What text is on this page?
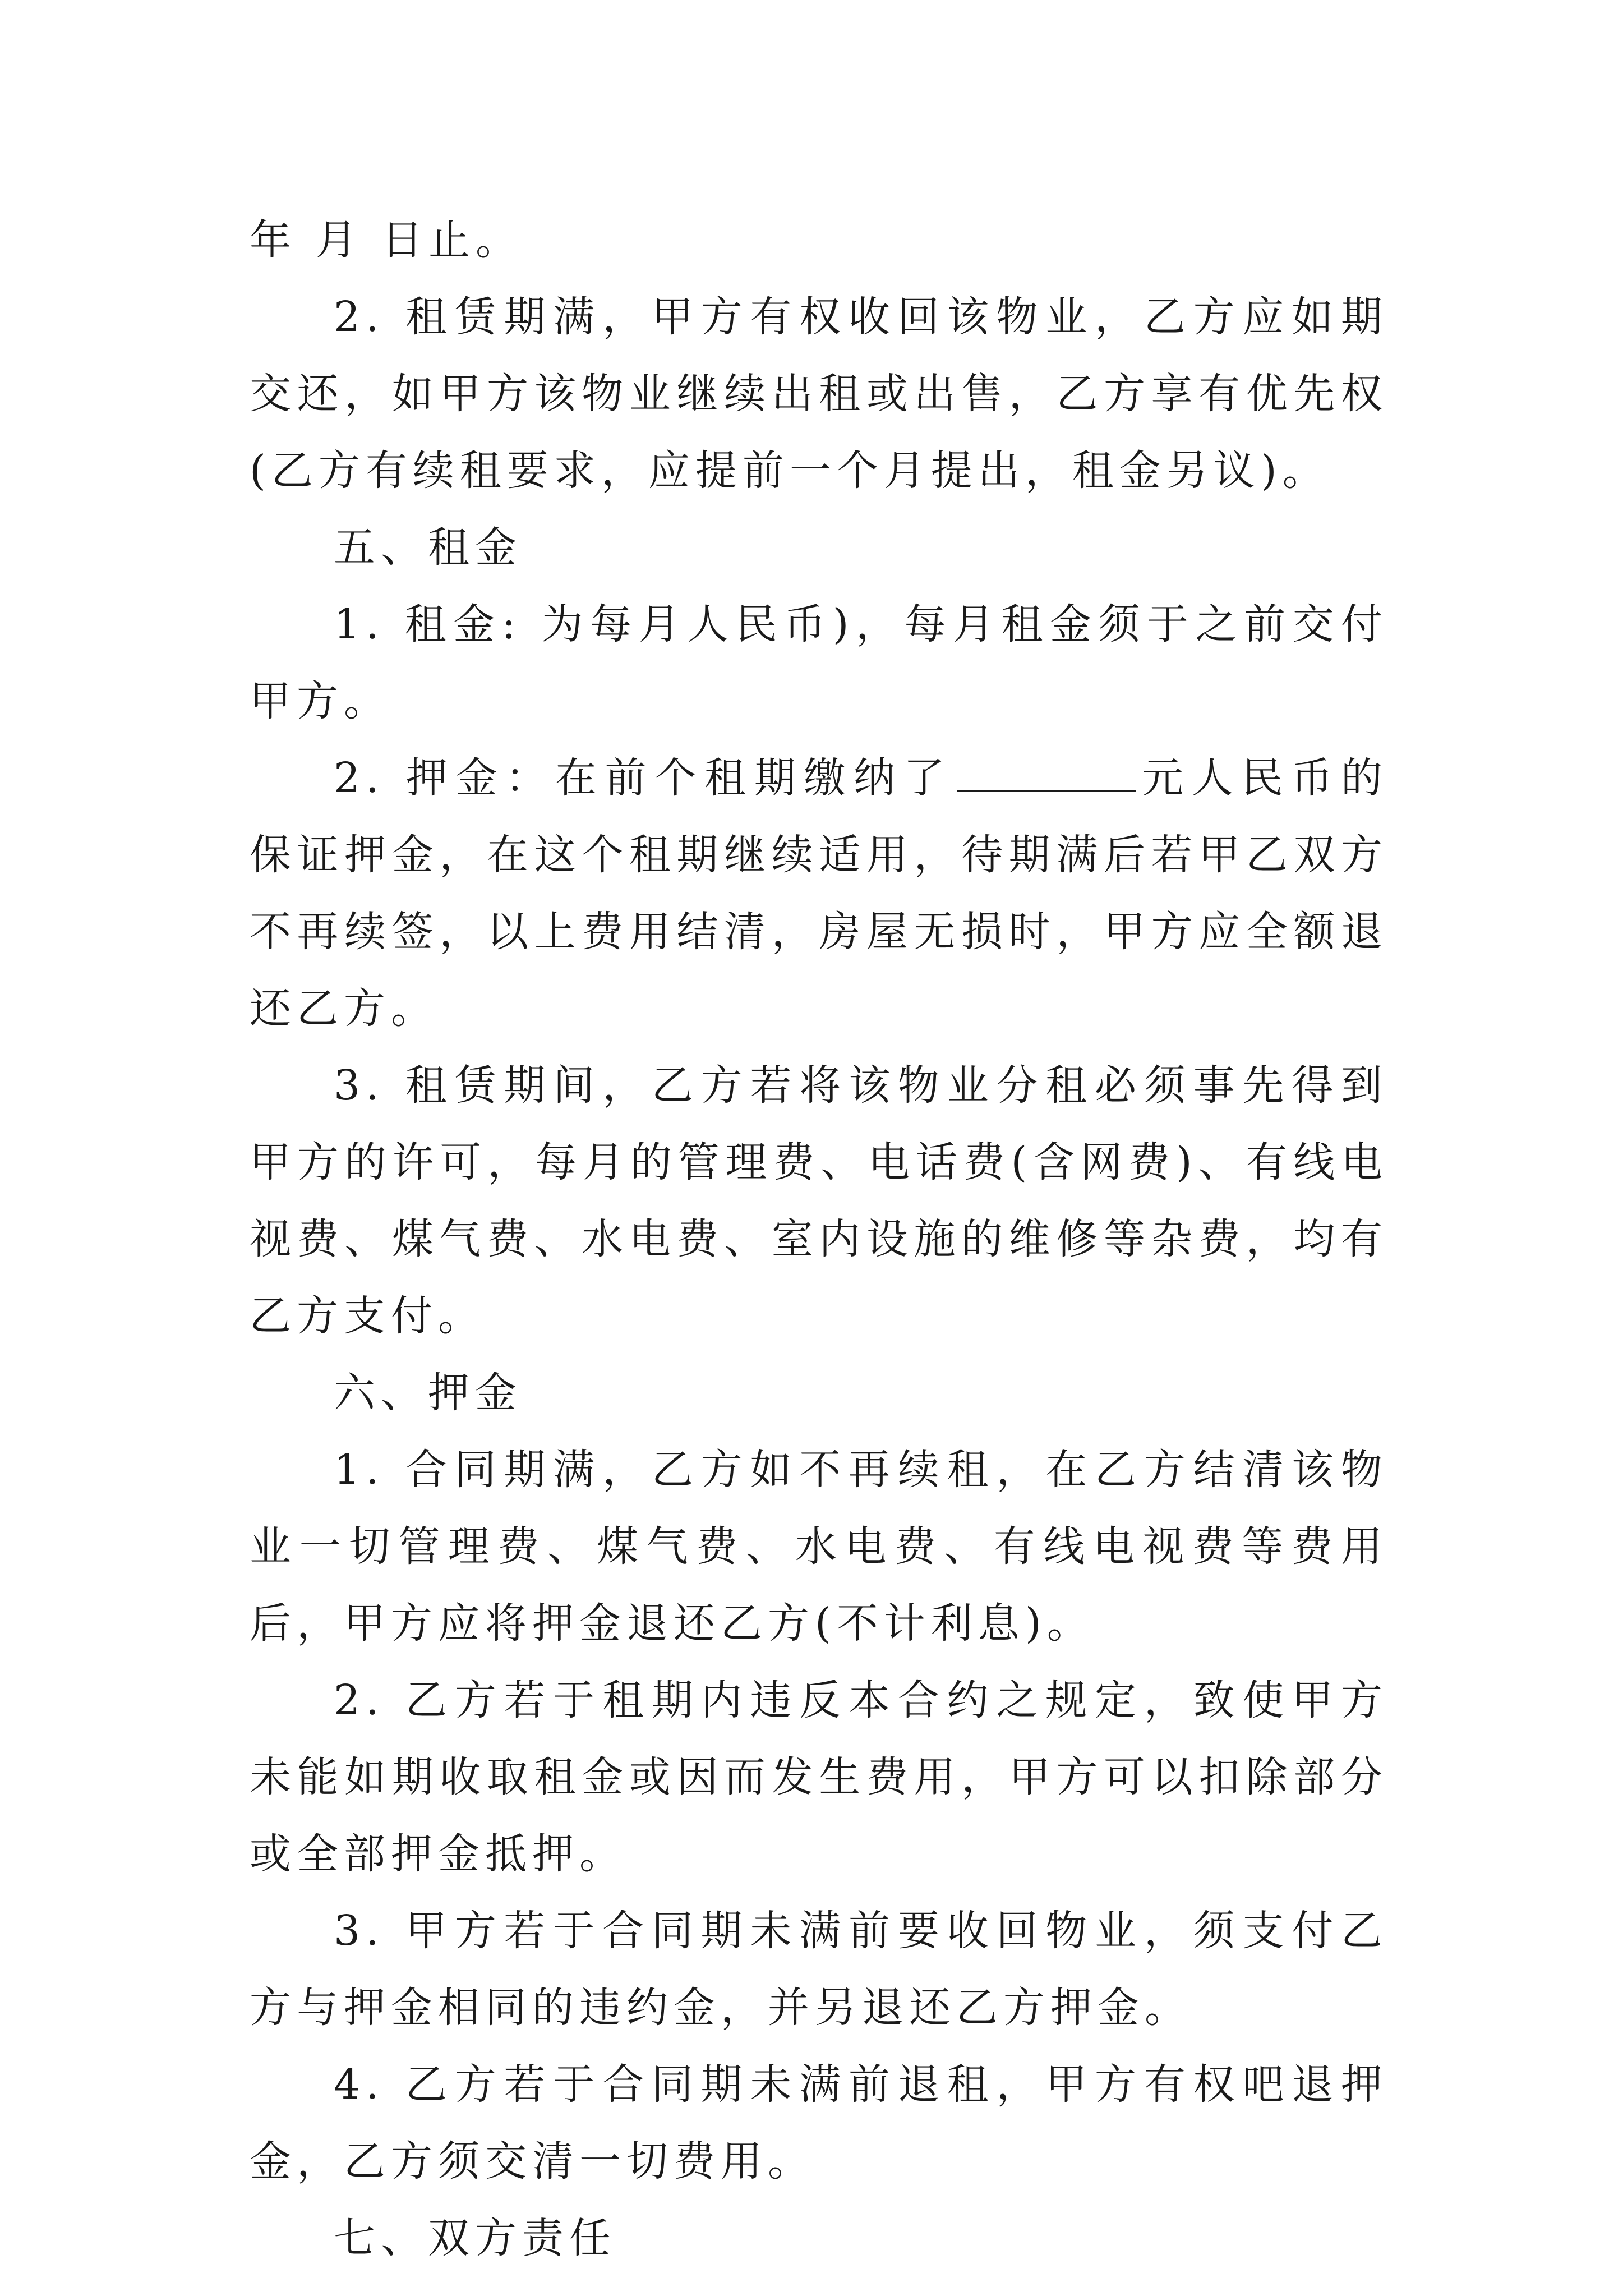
年 月 日止。

2. 租赁期满，甲方有权收回该物业，乙方应如期交还，如甲方该物业继续出租或出售，乙方享有优先权(乙方有续租要求，应提前一个月提出，租金另议)。

五、租金

1. 租金: 为每月人民币)，每月租金须于之前交付甲方。

2. 押金：在前个租期缴纳了	元人民币的保证押金，在这个租期继续适用，待期满后若甲乙双方不再续签，以上费用结清，房屋无损时，甲方应全额退还乙方。

3. 租赁期间，乙方若将该物业分租必须事先得到甲方的许可，每月的管理费、电话费(含网费)、有线电视费、煤气费、水电费、室内设施的维修等杂费，均有乙方支付。

六、押金

1. 合同期满，乙方如不再续租，在乙方结清该物业一切管理费、煤气费、水电费、有线电视费等费用后，甲方应将押金退还乙方(不计利息)。

2. 乙方若于租期内违反本合约之规定，致使甲方未能如期收取租金或因而发生费用，甲方可以扣除部分或全部押金抵押。

3. 甲方若于合同期未满前要收回物业，须支付乙方与押金相同的违约金，并另退还乙方押金。

4. 乙方若于合同期未满前退租，甲方有权吧退押金，乙方须交清一切费用。

七、双方责任
